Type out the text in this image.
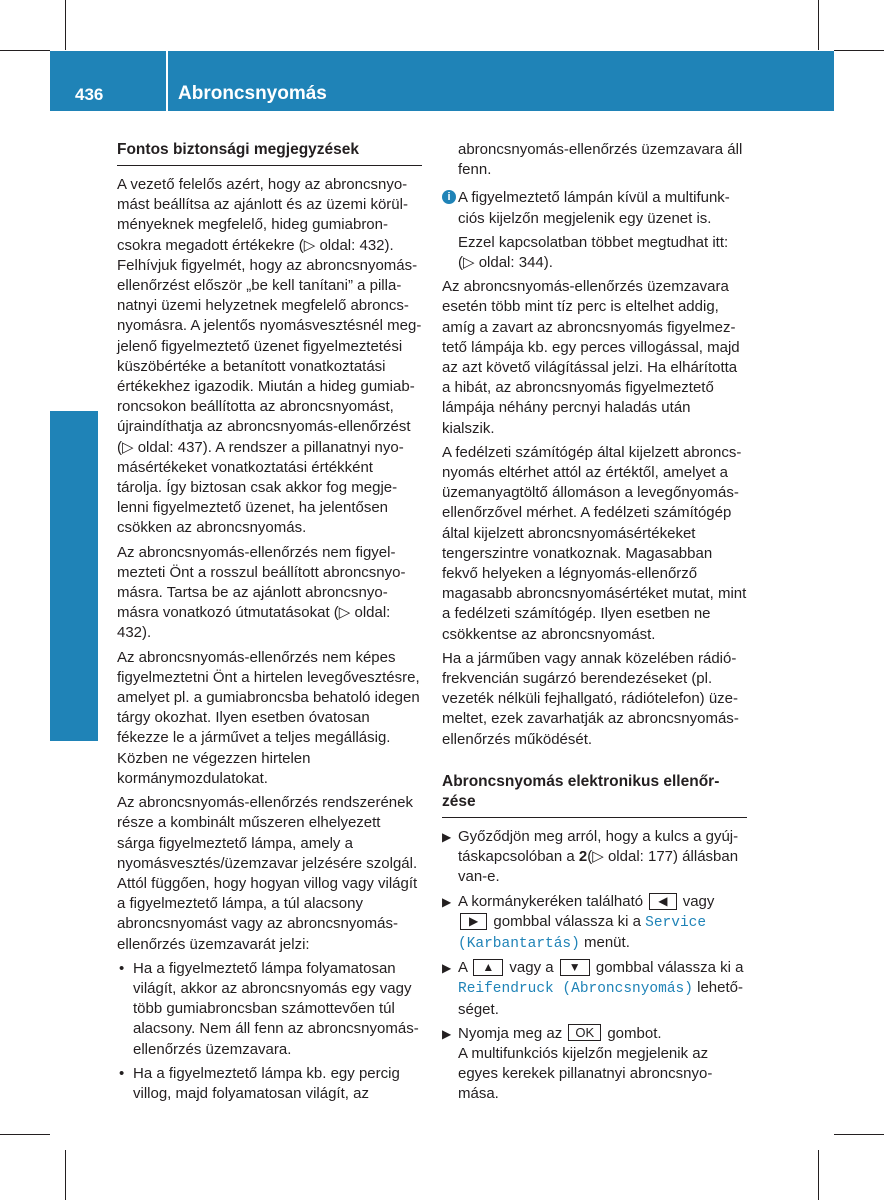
436	Abroncsnyomás
Kerekek és gumiabroncsok Fontos biztonsági megjegyzések

A vezető felelős azért, hogy az abroncsnyomást beállítsa az ajánlott és az üzemi körülményeknek megfelelő, hideg gumiabroncsokra megadott értékekre (▷ oldal: 432). Felhívjuk figyelmét, hogy az abroncsnyomásellenőrzést először „be kell tanítani” a pillanatnyi üzemi helyzetnek megfelelő abroncsnyomásra. A jelentős nyomásvesztésnél megjelenő figyelmeztető üzenet figyelmeztetési küszöbértéke a betanított vonatkoztatási értékekhez igazodik. Miután a hideg gumiabroncsokon beállította az abroncsnyomást, újraindíthatja az abroncsnyomás-ellenőrzést (▷ oldal: 437). A rendszer a pillanatnyi nyomásértékeket vonatkoztatási értékként tárolja. Így biztosan csak akkor fog megjelenni figyelmeztető üzenet, ha jelentősen csökken az abroncsnyomás.

Az abroncsnyomás-ellenőrzés nem figyelmezteti Önt a rosszul beállított abroncsnyomásra. Tartsa be az ajánlott abroncsnyomásra vonatkozó útmutatásokat (▷ oldal: 432).

Az abroncsnyomás-ellenőrzés nem képes figyelmeztetni Önt a hirtelen levegővesztésre, amelyet pl. a gumiabroncsba behatoló idegen tárgy okozhat. Ilyen esetben óvatosan fékezze le a járművet a teljes megállásig. Közben ne végezzen hirtelen kormánymozdulatokat.

Az abroncsnyomás-ellenőrzés rendszerének része a kombinált műszeren elhelyezett sárga figyelmeztető lámpa, amely a nyomásvesztés/üzemzavar jelzésére szolgál. Attól függően, hogy hogyan villog vagy világít a figyelmeztető lámpa, a túl alacsony abroncsnyomást vagy az abroncsnyomás-ellenőrzés üzemzavarát jelzi:

• Ha a figyelmeztető lámpa folyamatosan világít, akkor az abroncsnyomás egy vagy több gumiabroncsban számottevően túl alacsony. Nem áll fenn az abroncsnyomásellenőrzés üzemzavara.
• Ha a figyelmeztető lámpa kb. egy percig villog, majd folyamatosan világít, az
abroncsnyomás-ellenőrzés üzemzavara áll fenn.
i A figyelmeztető lámpán kívül a multifunkciós kijelzőn megjelenik egy üzenet is.
Ezzel kapcsolatban többet megtudhat itt: (▷ oldal: 344).

Az abroncsnyomás-ellenőrzés üzemzavara esetén több mint tíz perc is eltelhet addig, amíg a zavart az abroncsnyomás figyelmeztető lámpája kb. egy perces villogással, majd az azt követő világítással jelzi. Ha elhárította a hibát, az abroncsnyomás figyelmeztető lámpája néhány percnyi haladás után kialszik.

A fedélzeti számítógép által kijelzett abroncsnyomás eltérhet attól az értéktől, amelyet a üzemanyagtöltő állomáson a levegőnyomásellenőrzővel mérhet. A fedélzeti számítógép által kijelzett abroncsnyomásértékeket tengerszintre vonatkoznak. Magasabban fekvő helyeken a légnyomás-ellenőrző magasabb abroncsnyomásértéket mutat, mint a fedélzeti számítógép. Ilyen esetben ne csökkentse az abroncsnyomást.

Ha a járműben vagy annak közelében rádiófrekvencián sugárzó berendezéseket (pl. vezeték nélküli fejhallgató, rádiótelefon) üzemeltet, ezek zavarhatják az abroncsnyomásellenőrzés működését.

Abroncsnyomás elektronikus ellenőrzése
▶ Győződjön meg arról, hogy a kulcs a gyújtáskapcsolóban a 2(▷ oldal: 177) állásban van-e.
▶ A kormánykeréken található ◀ vagy ▶ gombbal válassza ki a Service (Karbantartás) menüt.
▶ A ▲ vagy a ▼ gombbal válassza ki a Reifendruck (Abroncsnyomás) lehetőséget.
▶ Nyomja meg az OK gombot.
A multifunkciós kijelzőn megjelenik az egyes kerekek pillanatnyi abroncsnyomása.
